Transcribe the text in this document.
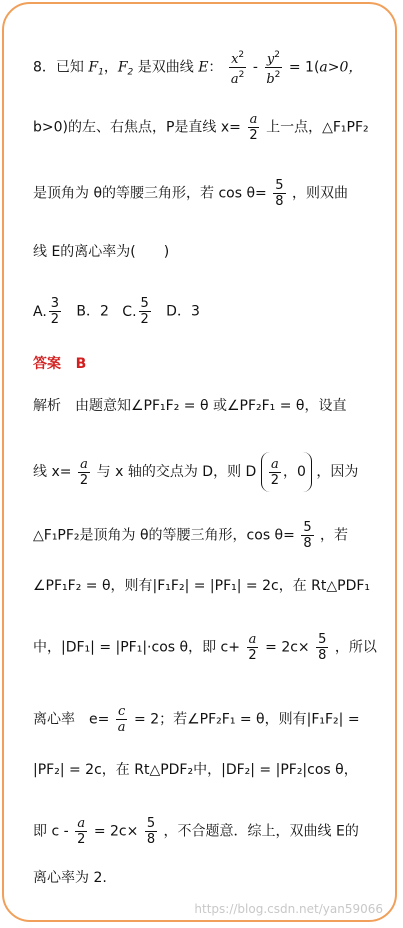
8．已知 $F_1$，$F_2$ 是双曲线 E： $\frac{x^2}{a^2} - \frac{y^2}{b^2} = 1(a>0$，
b>0)的左、右焦点，P是直线 $x= \frac{a}{2}$ 上一点，△F₁PF₂
是顶角为 θ的等腰三角形，若 $\cos \theta= \frac{5}{8}$ ，则双曲
线 E的离心率为(　　)
A. $\frac{3}{2}$ B．2 C. $\frac{5}{2}$ D．3
答案 B
解析　由题意知∠PF₁F₂ = θ 或∠PF₂F₁ = θ，设直
线 $x= \frac{a}{2}$ 与 x 轴的交点为 D，则 D $\frac{a}{2}$ ，0 ，因为
△F₁PF₂是顶角为 θ的等腰三角形，$\cos \theta= \frac{5}{8}$ ，若
∠PF₁F₂ = θ，则有|F₁F₂| = |PF₁| = 2c，在 Rt△PDF₁
中，|DF₁| = |PF₁|·cos θ，即 $c+ \frac{a}{2} = 2c\times \frac{5}{8}$ ，所以
离心率　$e= \frac{c}{a} = 2$；若∠PF₂F₁ = θ，则有|F₁F₂| =
|PF₂| = 2c，在 Rt△PDF₂中，|DF₂| = |PF₂|cos θ，
即 $c - \frac{a}{2} = 2c\times \frac{5}{8}$ ，不合题意．综上，双曲线 E的
离心率为 2.
https://blog.csdn.net/yan59066
